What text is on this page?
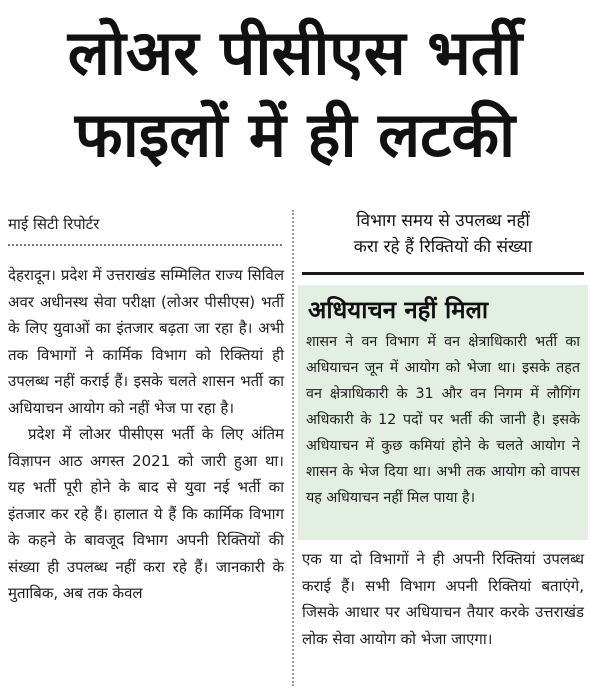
लोअर पीसीएस भर्ती
फाइलों में ही लटकी
माई सिटी रिपोर्टर

देहरादून। प्रदेश में उत्तराखंड सम्मिलित राज्य सिविल अवर अधीनस्थ सेवा परीक्षा (लोअर पीसीएस) भर्ती के लिए युवाओं का इंतजार बढ़ता जा रहा है। अभी तक विभागों ने कार्मिक विभाग को रिक्तियां ही उपलब्ध नहीं कराई हैं। इसके चलते शासन भर्ती का अधियाचन आयोग को नहीं भेज पा रहा है।

प्रदेश में लोअर पीसीएस भर्ती के लिए अंतिम विज्ञापन आठ अगस्त 2021 को जारी हुआ था। यह भर्ती पूरी होने के बाद से युवा नई भर्ती का इंतजार कर रहे हैं। हालात ये हैं कि कार्मिक विभाग के कहने के बावजूद विभाग अपनी रिक्तियों की संख्या ही उपलब्ध नहीं करा रहे हैं। जानकारी के मुताबिक, अब तक केवल

विभाग समय से उपलब्ध नहीं
करा रहे हैं रिक्तियों की संख्या
अधियाचन नहीं मिला
शासन ने वन विभाग में वन क्षेत्राधिकारी भर्ती का अधियाचन जून में आयोग को भेजा था। इसके तहत वन क्षेत्राधिकारी के 31 और वन निगम में लौगिंग अधिकारी के 12 पदों पर भर्ती की जानी है। इसके अधियाचन में कुछ कमियां होने के चलते आयोग ने शासन के भेज दिया था। अभी तक आयोग को वापस यह अधियाचन नहीं मिल पाया है।

एक या दो विभागों ने ही अपनी रिक्तियां उपलब्ध कराई हैं। सभी विभाग अपनी रिक्तियां बताएंगे, जिसके आधार पर अधियाचन तैयार करके उत्तराखंड लोक सेवा आयोग को भेजा जाएगा।
